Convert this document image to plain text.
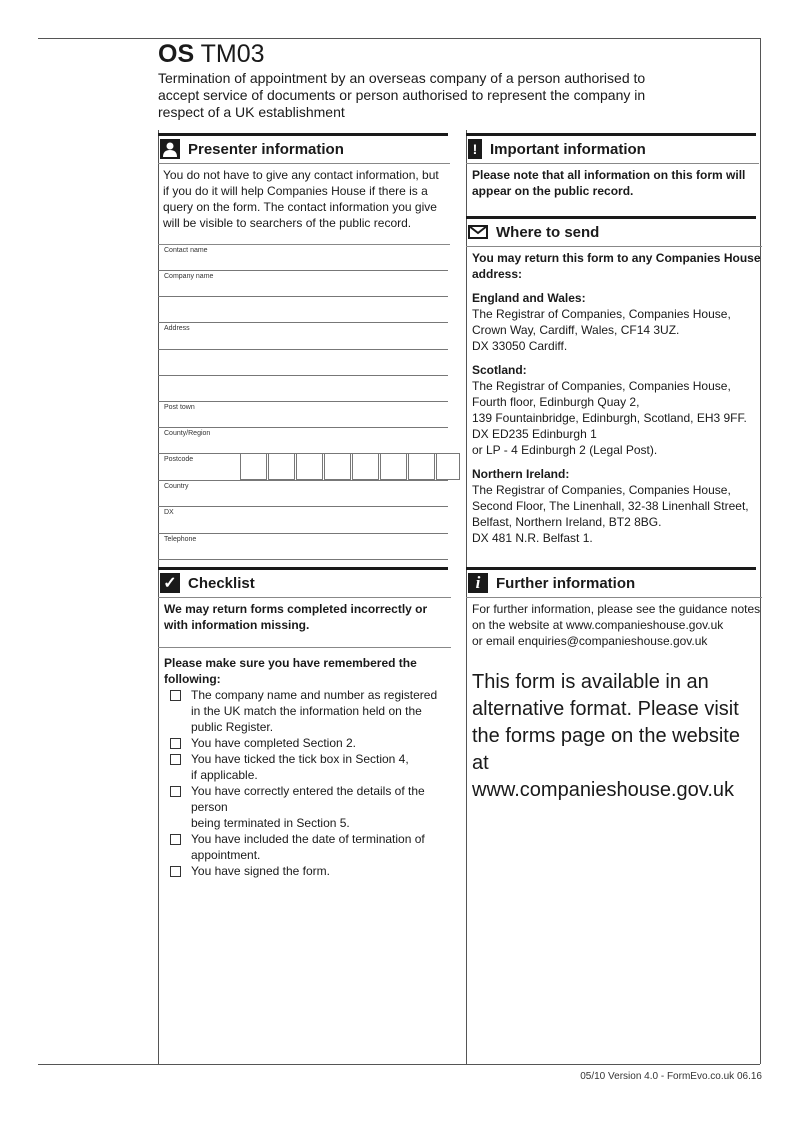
OS TM03
Termination of appointment by an overseas company of a person authorised to accept service of documents or person authorised to represent the company in respect of a UK establishment
Presenter information
You do not have to give any contact information, but if you do it will help Companies House if there is a query on the form. The contact information you give will be visible to searchers of the public record.
Contact name
Company name
Address
Post town
County/Region
Postcode
Country
DX
Telephone
! Important information
Please note that all information on this form will appear on the public record.
Where to send
You may return this form to any Companies House address:
England and Wales:
The Registrar of Companies, Companies House,
Crown Way, Cardiff, Wales, CF14 3UZ.
DX 33050 Cardiff.
Scotland:
The Registrar of Companies, Companies House,
Fourth floor, Edinburgh Quay 2,
139 Fountainbridge, Edinburgh, Scotland, EH3 9FF.
DX ED235 Edinburgh 1
or LP - 4 Edinburgh 2 (Legal Post).
Northern Ireland:
The Registrar of Companies, Companies House,
Second Floor, The Linenhall, 32-38 Linenhall Street,
Belfast, Northern Ireland, BT2 8BG.
DX 481 N.R. Belfast 1.
✓ Checklist
We may return forms completed incorrectly or with information missing.
Please make sure you have remembered the following:
The company name and number as registered
in the UK match the information held on the
public Register.
You have completed Section 2.
You have ticked the tick box in Section 4,
if applicable.
You have correctly entered the details of the person
being terminated in Section 5.
You have included the date of termination of
appointment.
You have signed the form.
i	Further information
For further information, please see the guidance notes
on the website at www.companieshouse.gov.uk
or email enquiries@companieshouse.gov.uk
This form is available in an alternative format. Please visit the forms page on the website at www.companieshouse.gov.uk
05/10 Version 4.0 - FormEvo.co.uk 06.16
